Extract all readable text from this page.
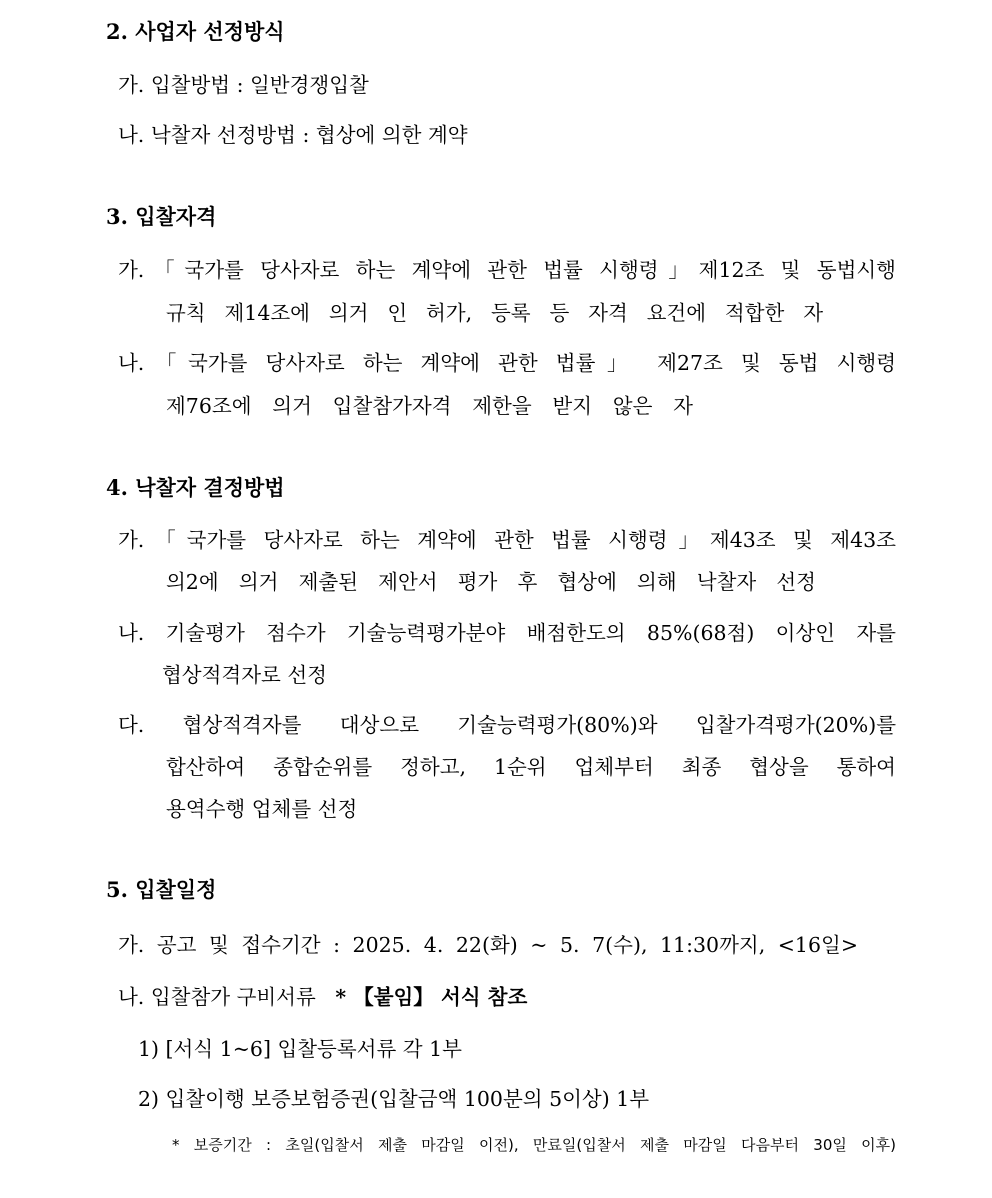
2. 사업자 선정방식
가. 입찰방법 : 일반경쟁입찰
나. 낙찰자 선정방법 : 협상에 의한 계약
3. 입찰자격
가.「국가를 당사자로 하는 계약에 관한 법률 시행령」제12조 및 동법시행
규칙 제14조에 의거 인 허가, 등록 등 자격 요건에 적합한 자
나.「국가를 당사자로 하는 계약에 관한 법률」 제27조 및 동법 시행령
제76조에 의거 입찰참가자격 제한을 받지 않은 자
4. 낙찰자 결정방법
가.「국가를 당사자로 하는 계약에 관한 법률 시행령」제43조 및 제43조
의2에 의거 제출된 제안서 평가 후 협상에 의해 낙찰자 선정
나. 기술평가 점수가 기술능력평가분야 배점한도의 85%(68점) 이상인 자를
협상적격자로 선정
다. 협상적격자를 대상으로 기술능력평가(80%)와 입찰가격평가(20%)를
합산하여 종합순위를 정하고, 1순위 업체부터 최종 협상을 통하여
용역수행 업체를 선정
5. 입찰일정
가. 공고 및 접수기간 : 2025. 4. 22(화) ~ 5. 7(수), 11:30까지, <16일>
나. 입찰참가 구비서류 * 【붙임】 서식 참조
1) [서식 1~6] 입찰등록서류 각 1부
2) 입찰이행 보증보험증권(입찰금액 100분의 5이상) 1부
* 보증기간 : 초일(입찰서 제출 마감일 이전), 만료일(입찰서 제출 마감일 다음부터 30일 이후)
